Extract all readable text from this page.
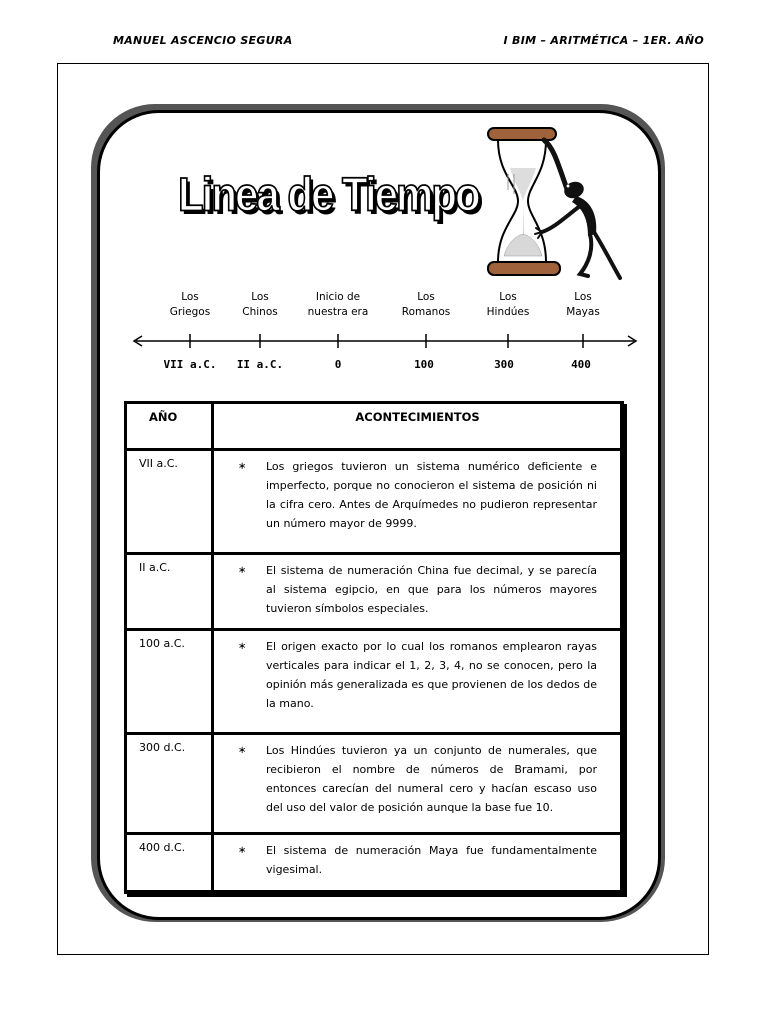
MANUEL ASCENCIO SEGURA	I BIM – ARITMÉTICA – 1ER. AÑO
Linea de Tiempo
Los
Griegos
Los
Chinos
Inicio de
nuestra era
Los
Romanos
Los
Hindúes
Los
Mayas
VII a.C.	II a.C.	0	100	300	400
AÑO	ACONTECIMIENTOS
VII a.C.	∗ Los griegos tuvieron un sistema numérico deficiente e imperfecto, porque no conocieron el sistema de posición ni la cifra cero. Antes de Arquímedes no pudieron representar un número mayor de 9999.

II a.C.	∗ El sistema de numeración China fue decimal, y se parecía al sistema egipcio, en que para los números mayores tuvieron símbolos especiales.

100 a.C.	∗ El origen exacto por lo cual los romanos emplearon rayas verticales para indicar el 1, 2, 3, 4, no se conocen, pero la opinión más generalizada es que provienen de los dedos de la mano.

300 d.C.	∗ Los Hindúes tuvieron ya un conjunto de numerales, que recibieron el nombre de números de Bramami, por entonces carecían del numeral cero y hacían escaso uso del uso del valor de posición aunque la base fue 10.

400 d.C.	∗ El sistema de numeración Maya fue fundamentalmente vigesimal.
